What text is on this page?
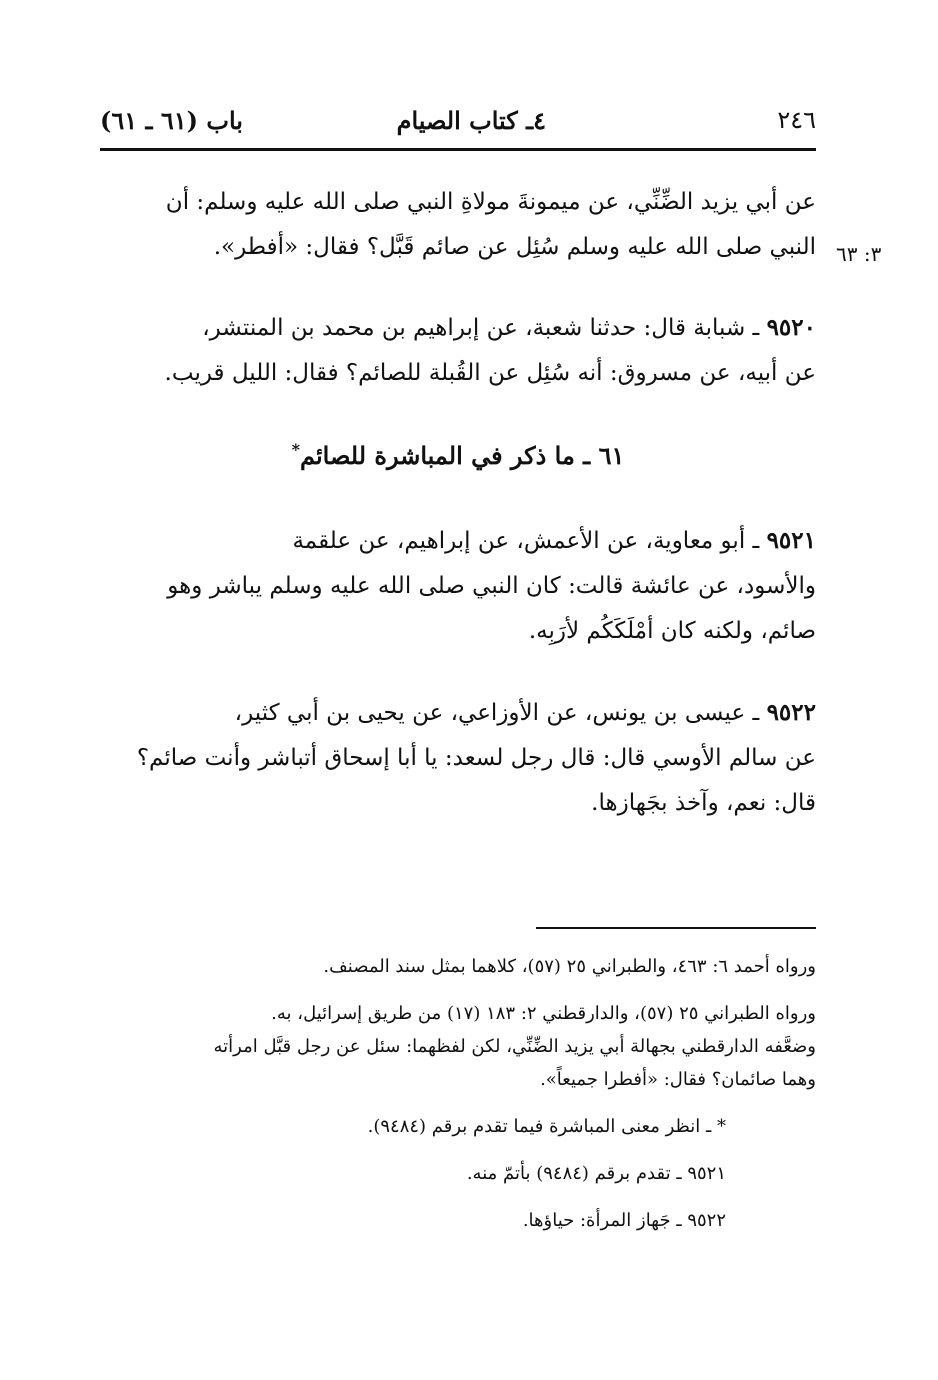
٢٤٦
٤ـ كتاب الصيام
باب (٦١ ـ ٦١)
٣: ٦٣

عن أبي يزيد الضِّنِّي، عن ميمونةَ مولاةِ النبي صلى الله عليه وسلم: أن

النبي صلى الله عليه وسلم سُئِل عن صائم قَبَّل؟ فقال: «أفطر».

٩٥٢٠ ـ شبابة قال: حدثنا شعبة، عن إبراهيم بن محمد بن المنتشر،

عن أبيه، عن مسروق: أنه سُئِل عن القُبلة للصائم؟ فقال: الليل قريب.

٦١ ـ ما ذكر في المباشرة للصائم*

٩٥٢١ ـ أبو معاوية، عن الأعمش، عن إبراهيم، عن علقمة

والأسود، عن عائشة قالت: كان النبي صلى الله عليه وسلم يباشر وهو

صائم، ولكنه كان أمْلَكَكُم لأرَبِه.

٩٥٢٢ ـ عيسى بن يونس، عن الأوزاعي، عن يحيى بن أبي كثير،

عن سالم الأوسي قال: قال رجل لسعد: يا أبا إسحاق أتباشر وأنت صائم؟

قال: نعم، وآخذ بجَهازها.

ورواه أحمد ٦: ٤٦٣، والطبراني ٢٥ (٥٧)، كلاهما بمثل سند المصنف.

ورواه الطبراني ٢٥ (٥٧)، والدارقطني ٢: ١٨٣ (١٧) من طريق إسرائيل، به.

وضعَّفه الدارقطني بجهالة أبي يزيد الضِّنِّي، لكن لفظهما: سئل عن رجل قبَّل امرأته

وهما صائمان؟ فقال: «أفطرا جميعاً».

* ـ انظر معنى المباشرة فيما تقدم برقم (٩٤٨٤).

٩٥٢١ ـ تقدم برقم (٩٤٨٤) بأتمّ منه.

٩٥٢٢ ـ جَهاز المرأة: حياؤها.
